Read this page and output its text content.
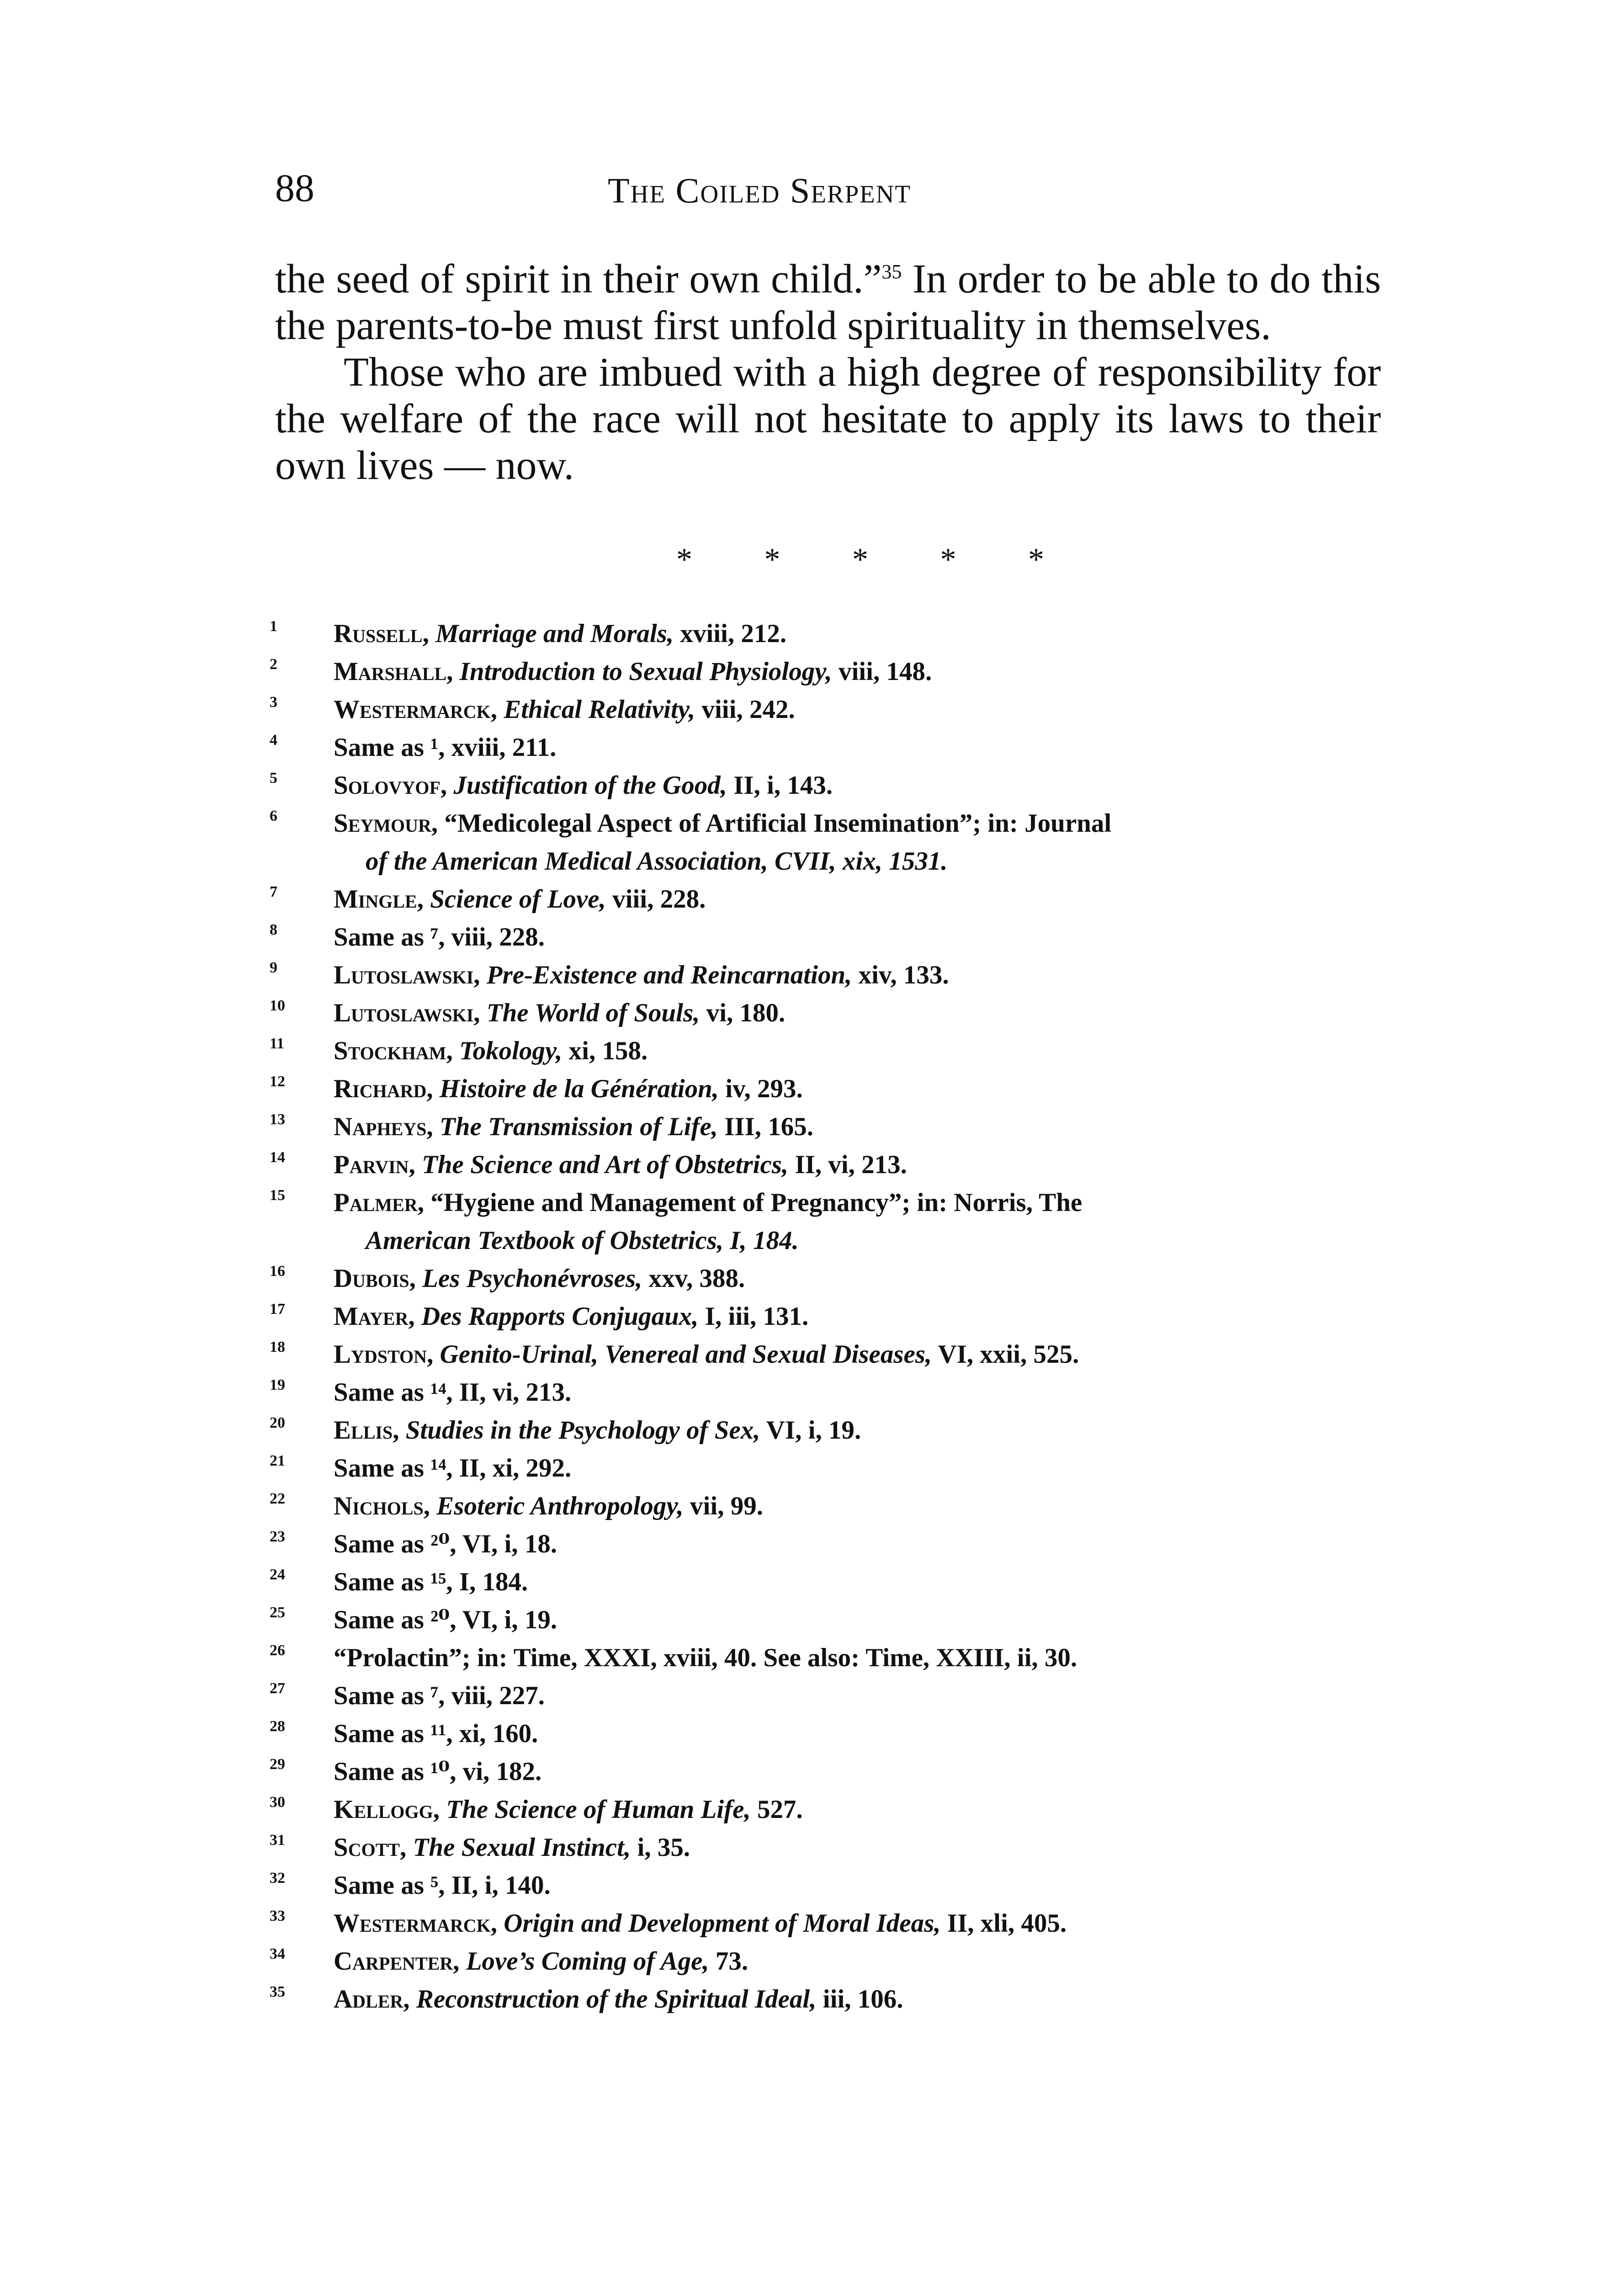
88	The Coiled Serpent

the seed of spirit in their own child.”$^{35}$ In order to be able to do this the parents-to-be must first unfold spirituality in themselves.

Those who are imbued with a high degree of responsibility for the welfare of the race will not hesitate to apply its laws to their own lives — now.

* * * * *
1 Russell, Marriage and Morals, xviii, 212.
2 Marshall, Introduction to Sexual Physiology, viii, 148.
3 Westermarck, Ethical Relativity, viii, 242.
4 Same as ¹, xviii, 211.
5 Solovyof, Justification of the Good, II, i, 143.
6 Seymour, “Medicolegal Aspect of Artificial Insemination”; in: Journal
of the American Medical Association, CVII, xix, 1531.
7 Mingle, Science of Love, viii, 228.
8 Same as ⁷, viii, 228.
9 Lutoslawski, Pre-Existence and Reincarnation, xiv, 133.
10 Lutoslawski, The World of Souls, vi, 180.
11 Stockham, Tokology, xi, 158.
12 Richard, Histoire de la Génération, iv, 293.
13 Napheys, The Transmission of Life, III, 165.
14 Parvin, The Science and Art of Obstetrics, II, vi, 213.
15 Palmer, “Hygiene and Management of Pregnancy”; in: Norris, The
American Textbook of Obstetrics, I, 184.
16 Dubois, Les Psychonévroses, xxv, 388.
17 Mayer, Des Rapports Conjugaux, I, iii, 131.
18 Lydston, Genito-Urinal, Venereal and Sexual Diseases, VI, xxii, 525.
19 Same as ¹⁴, II, vi, 213.
20 Ellis, Studies in the Psychology of Sex, VI, i, 19.
21 Same as ¹⁴, II, xi, 292.
22 Nichols, Esoteric Anthropology, vii, 99.
23 Same as ²⁰, VI, i, 18.
24 Same as ¹⁵, I, 184.
25 Same as ²⁰, VI, i, 19.
26 “Prolactin”; in: Time, XXXI, xviii, 40. See also: Time, XXIII, ii, 30.
27 Same as ⁷, viii, 227.
28 Same as ¹¹, xi, 160.
29 Same as ¹⁰, vi, 182.
30 Kellogg, The Science of Human Life, 527.
31 Scott, The Sexual Instinct, i, 35.
32 Same as ⁵, II, i, 140.
33 Westermarck, Origin and Development of Moral Ideas, II, xli, 405.
34 Carpenter, Love’s Coming of Age, 73.
35 Adler, Reconstruction of the Spiritual Ideal, iii, 106.
